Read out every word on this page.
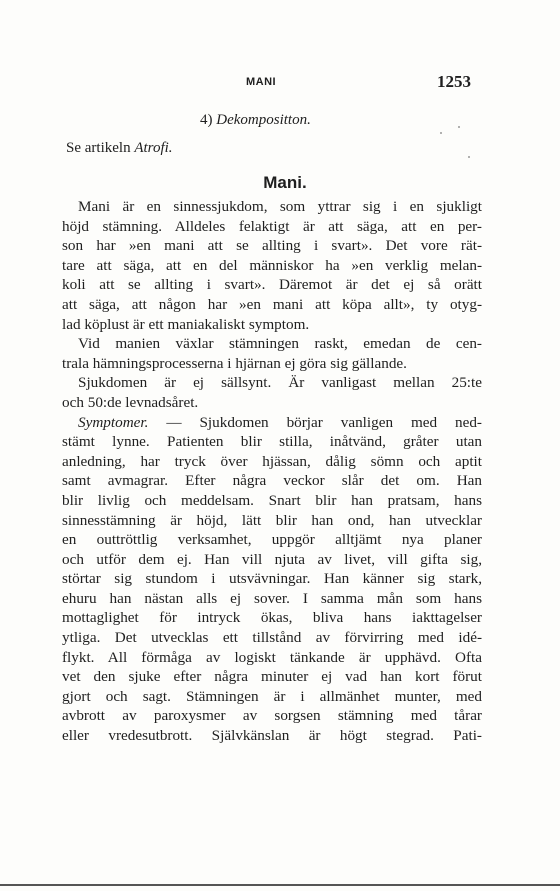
MANI	1253
4) Dekompositton.
Se artikeln Atrofi.
Mani.
Mani är en sinnessjukdom, som yttrar sig i en sjukligt
höjd stämning. Alldeles felaktigt är att säga, att en per-
son har »en mani att se allting i svart». Det vore rät-
tare att säga, att en del människor ha »en verklig melan-
koli att se allting i svart». Däremot är det ej så orätt
att säga, att någon har »en mani att köpa allt», ty otyg-
lad köplust är ett maniakaliskt symptom.
Vid manien växlar stämningen raskt, emedan de cen-
trala hämningsprocesserna i hjärnan ej göra sig gällande.
Sjukdomen är ej sällsynt. Är vanligast mellan 25:te
och 50:de levnadsåret.
Symptomer. — Sjukdomen börjar vanligen med ned-
stämt lynne. Patienten blir stilla, inåtvänd, gråter utan
anledning, har tryck över hjässan, dålig sömn och aptit
samt avmagrar. Efter några veckor slår det om. Han
blir livlig och meddelsam. Snart blir han pratsam, hans
sinnesstämning är höjd, lätt blir han ond, han utvecklar
en outtröttlig verksamhet, uppgör alltjämt nya planer
och utför dem ej. Han vill njuta av livet, vill gifta sig,
störtar sig stundom i utsvävningar. Han känner sig stark,
ehuru han nästan alls ej sover. I samma mån som hans
mottaglighet för intryck ökas, bliva hans iakttagelser
ytliga. Det utvecklas ett tillstånd av förvirring med idé-
flykt. All förmåga av logiskt tänkande är upphävd. Ofta
vet den sjuke efter några minuter ej vad han kort förut
gjort och sagt. Stämningen är i allmänhet munter, med
avbrott av paroxysmer av sorgsen stämning med tårar
eller vredesutbrott. Självkänslan är högt stegrad. Pati-
